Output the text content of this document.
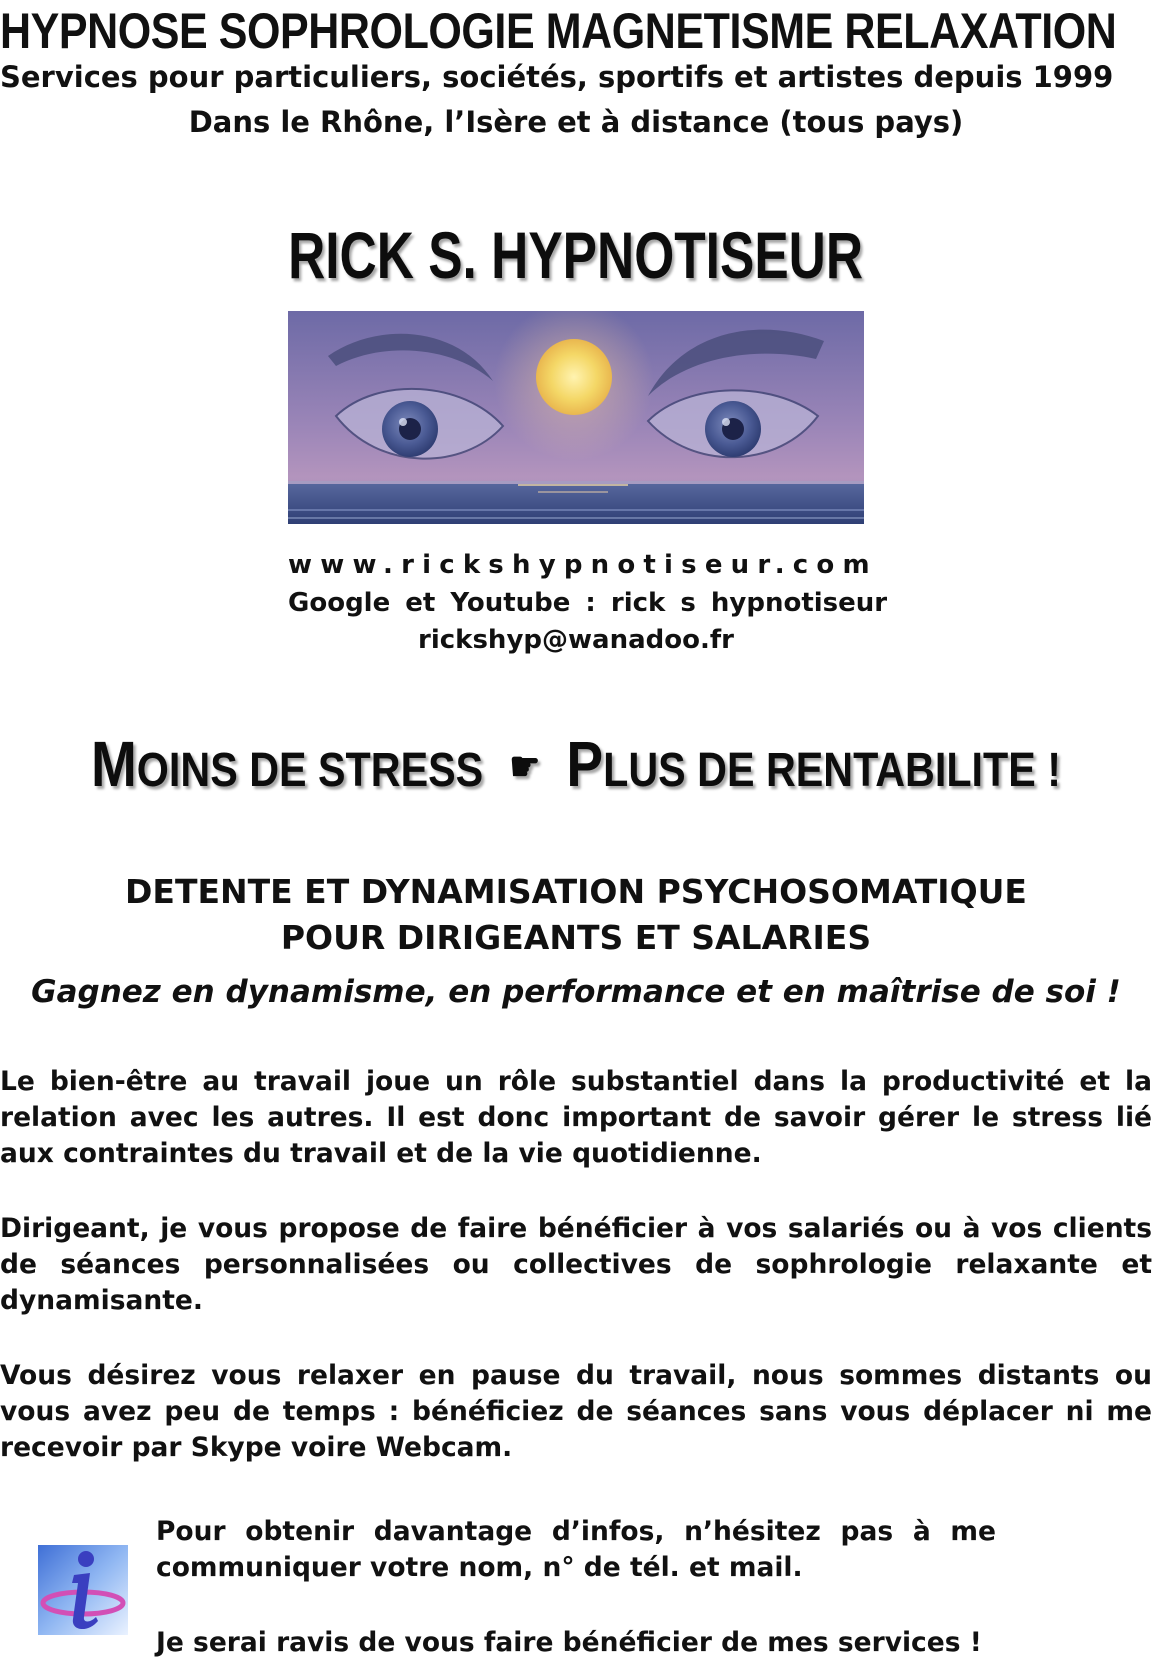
HYPNOSE SOPHROLOGIE MAGNETISME RELAXATION
Services pour particuliers, sociétés, sportifs et artistes depuis 1999
Dans le Rhône, l’Isère et à distance (tous pays)
RICK S. HYPNOTISEUR
www.rickshypnotiseur.com
Google et Youtube : rick s hypnotiseur
rickshyp@wanadoo.fr
MOINS DE STRESS ☛ PLUS DE RENTABILITE !
DETENTE ET DYNAMISATION PSYCHOSOMATIQUE
POUR DIRIGEANTS ET SALARIES
Gagnez en dynamisme, en performance et en maîtrise de soi !
Le bien-être au travail joue un rôle substantiel dans la productivité et la relation avec les autres. Il est donc important de savoir gérer le stress lié aux contraintes du travail et de la vie quotidienne.
Dirigeant, je vous propose de faire bénéficier à vos salariés ou à vos clients de séances personnalisées ou collectives de sophrologie relaxante et dynamisante.
Vous désirez vous relaxer en pause du travail, nous sommes distants ou vous avez peu de temps : bénéficiez de séances sans vous déplacer ni me recevoir par Skype voire Webcam.
Pour obtenir davantage d’infos, n’hésitez pas à me communiquer votre nom, n° de tél. et mail.
Je serai ravis de vous faire bénéficier de mes services !
